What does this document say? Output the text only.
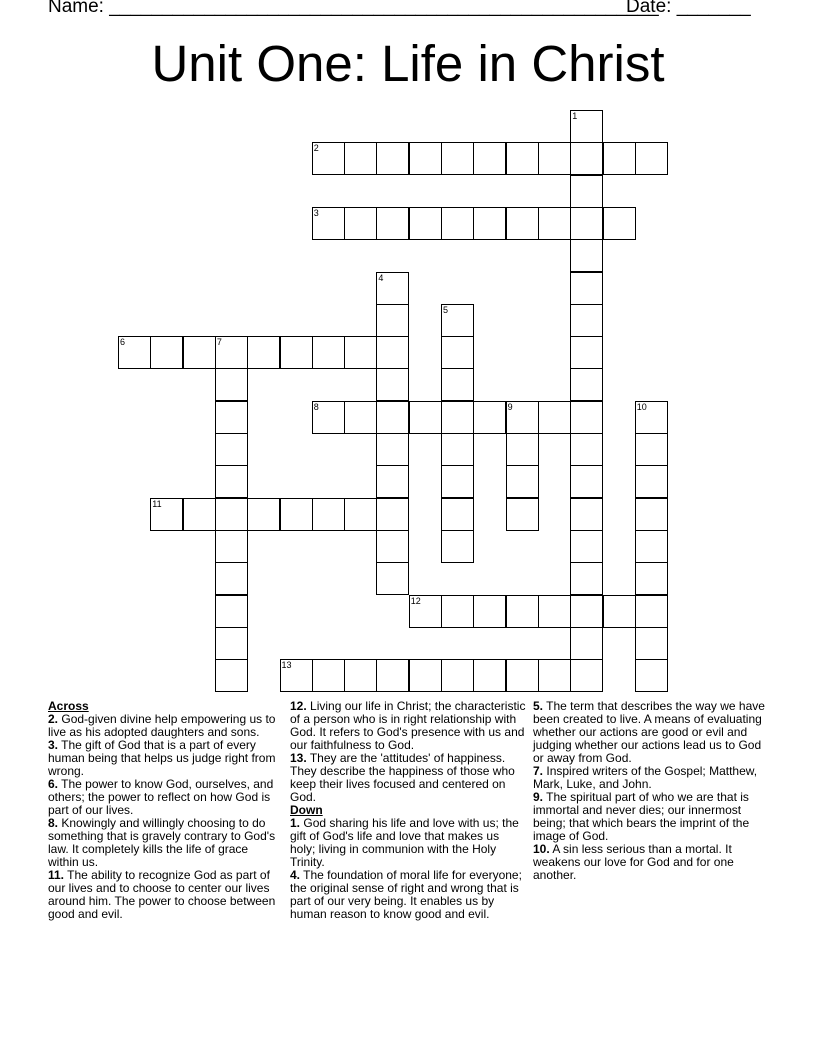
Name: ____________________________________________________
Date: _______
Unit One: Life in Christ
1
2
3
4
5
6	7
8	9	10
11
12
13
Across

2. God-given divine help empowering us to live as his adopted daughters and sons.

3. The gift of God that is a part of every human being that helps us judge right from wrong.

6. The power to know God, ourselves, and others; the power to reflect on how God is part of our lives.

8. Knowingly and willingly choosing to do something that is gravely contrary to God's law. It completely kills the life of grace within us.

11. The ability to recognize God as part of our lives and to choose to center our lives around him. The power to choose between good and evil.

12. Living our life in Christ; the characteristic of a person who is in right relationship with God. It refers to God's presence with us and our faithfulness to God.

13. They are the 'attitudes' of happiness. They describe the happiness of those who keep their lives focused and centered on God.

Down

1. God sharing his life and love with us; the gift of God's life and love that makes us holy; living in communion with the Holy Trinity.

4. The foundation of moral life for everyone; the original sense of right and wrong that is part of our very being. It enables us by human reason to know good and evil.

5. The term that describes the way we have been created to live. A means of evaluating whether our actions are good or evil and judging whether our actions lead us to God or away from God.

7. Inspired writers of the Gospel; Matthew, Mark, Luke, and John.

9. The spiritual part of who we are that is immortal and never dies; our innermost being; that which bears the imprint of the image of God.

10. A sin less serious than a mortal. It weakens our love for God and for one another.
